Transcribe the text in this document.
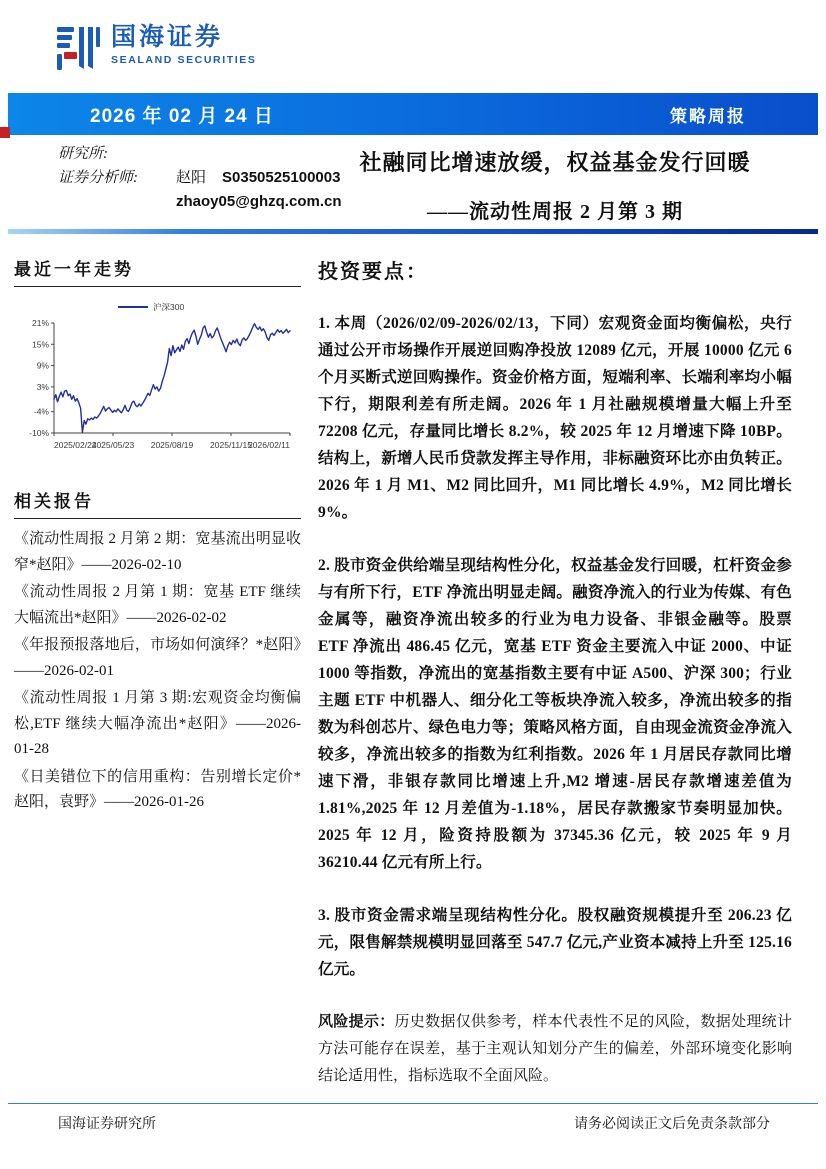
国海证券
SEALAND SECURITIES
2026 年 02 月 24 日	策略周报
研究所:
证券分析师:	赵阳	S0350525100003
zhaoy05@ghzq.com.cn
社融同比增速放缓，权益基金发行回暖
——流动性周报 2 月第 3 期
最近一年走势
沪深300
21%
15%
9%
3%
-4%
-10%
2025/02/24
2025/05/23 2025/08/19 2025/11/15
2026/02/11
相关报告
《流动性周报 2 月第 2 期：宽基流出明显收窄*赵阳》——2026-02-10
《流动性周报 2 月第 1 期：宽基 ETF 继续大幅流出*赵阳》——2026-02-02
《年报预报落地后，市场如何演绎？*赵阳》——2026-02-01
《流动性周报 1 月第 3 期:宏观资金均衡偏松,ETF 继续大幅净流出*赵阳》——2026-01-28
《日美错位下的信用重构：告别增长定价*赵阳，袁野》——2026-01-26
投资要点：
1. 本周（2026/02/09-2026/02/13，下同）宏观资金面均衡偏松，央行通过公开市场操作开展逆回购净投放 12089 亿元，开展 10000 亿元 6 个月买断式逆回购操作。资金价格方面，短端利率、长端利率均小幅下行，期限利差有所走阔。2026 年 1 月社融规模增量大幅上升至 72208 亿元，存量同比增长 8.2%，较 2025 年 12 月增速下降 10BP。结构上，新增人民币贷款发挥主导作用，非标融资环比亦由负转正。2026 年 1 月 M1、M2 同比回升，M1 同比增长 4.9%，M2 同比增长 9%。
2. 股市资金供给端呈现结构性分化，权益基金发行回暖，杠杆资金参与有所下行，ETF 净流出明显走阔。融资净流入的行业为传媒、有色金属等，融资净流出较多的行业为电力设备、非银金融等。股票 ETF 净流出 486.45 亿元，宽基 ETF 资金主要流入中证 2000、中证 1000 等指数，净流出的宽基指数主要有中证 A500、沪深 300；行业主题 ETF 中机器人、细分化工等板块净流入较多，净流出较多的指数为科创芯片、绿色电力等；策略风格方面，自由现金流资金净流入较多，净流出较多的指数为红利指数。2026 年 1 月居民存款同比增速下滑，非银存款同比增速上升,M2 增速-居民存款增速差值为 1.81%,2025 年 12 月差值为-1.18%，居民存款搬家节奏明显加快。2025 年 12 月，险资持股额为 37345.36 亿元，较 2025 年 9 月 36210.44 亿元有所上行。
3. 股市资金需求端呈现结构性分化。股权融资规模提升至 206.23 亿元，限售解禁规模明显回落至 547.7 亿元,产业资本减持上升至 125.16 亿元。
风险提示：历史数据仅供参考，样本代表性不足的风险，数据处理统计方法可能存在误差，基于主观认知划分产生的偏差，外部环境变化影响结论适用性，指标选取不全面风险。
国海证券研究所	请务必阅读正文后免责条款部分
